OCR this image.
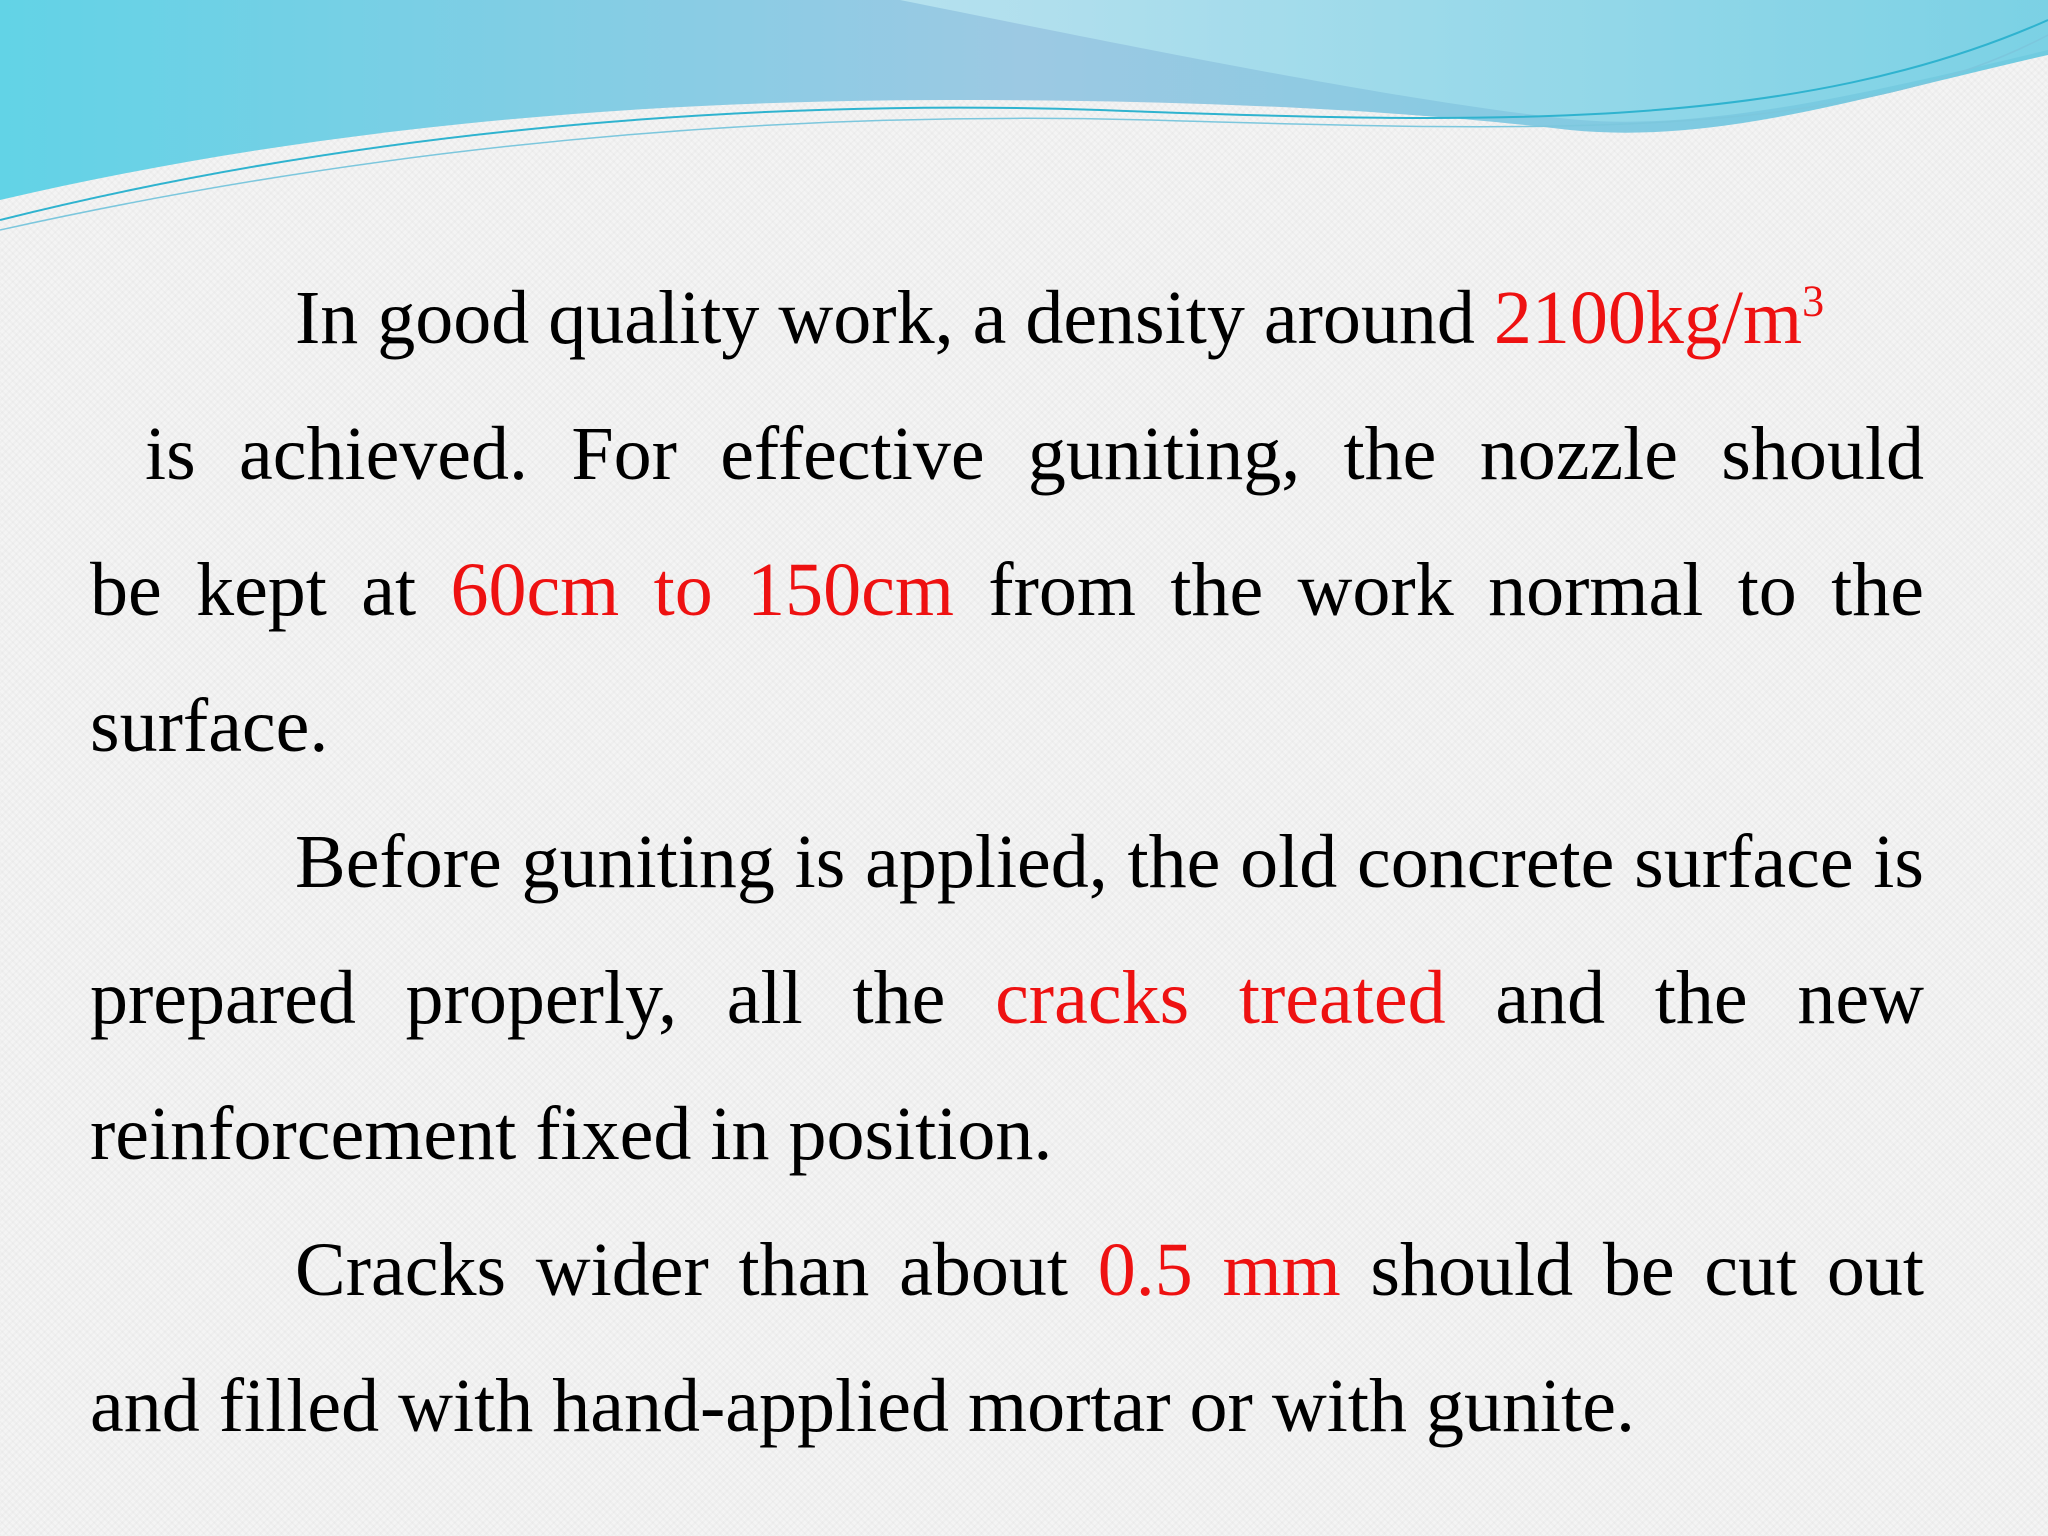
In good quality work, a density around $2100kg/m^3$

is achieved. For effective guniting, the nozzle should

be kept at 60cm to 150cm from the work normal to the surface.

Before guniting is applied, the old concrete surface is prepared properly, all the cracks treated and the new reinforcement fixed in position.

Cracks wider than about 0.5 mm should be cut out and filled with hand-applied mortar or with gunite.
